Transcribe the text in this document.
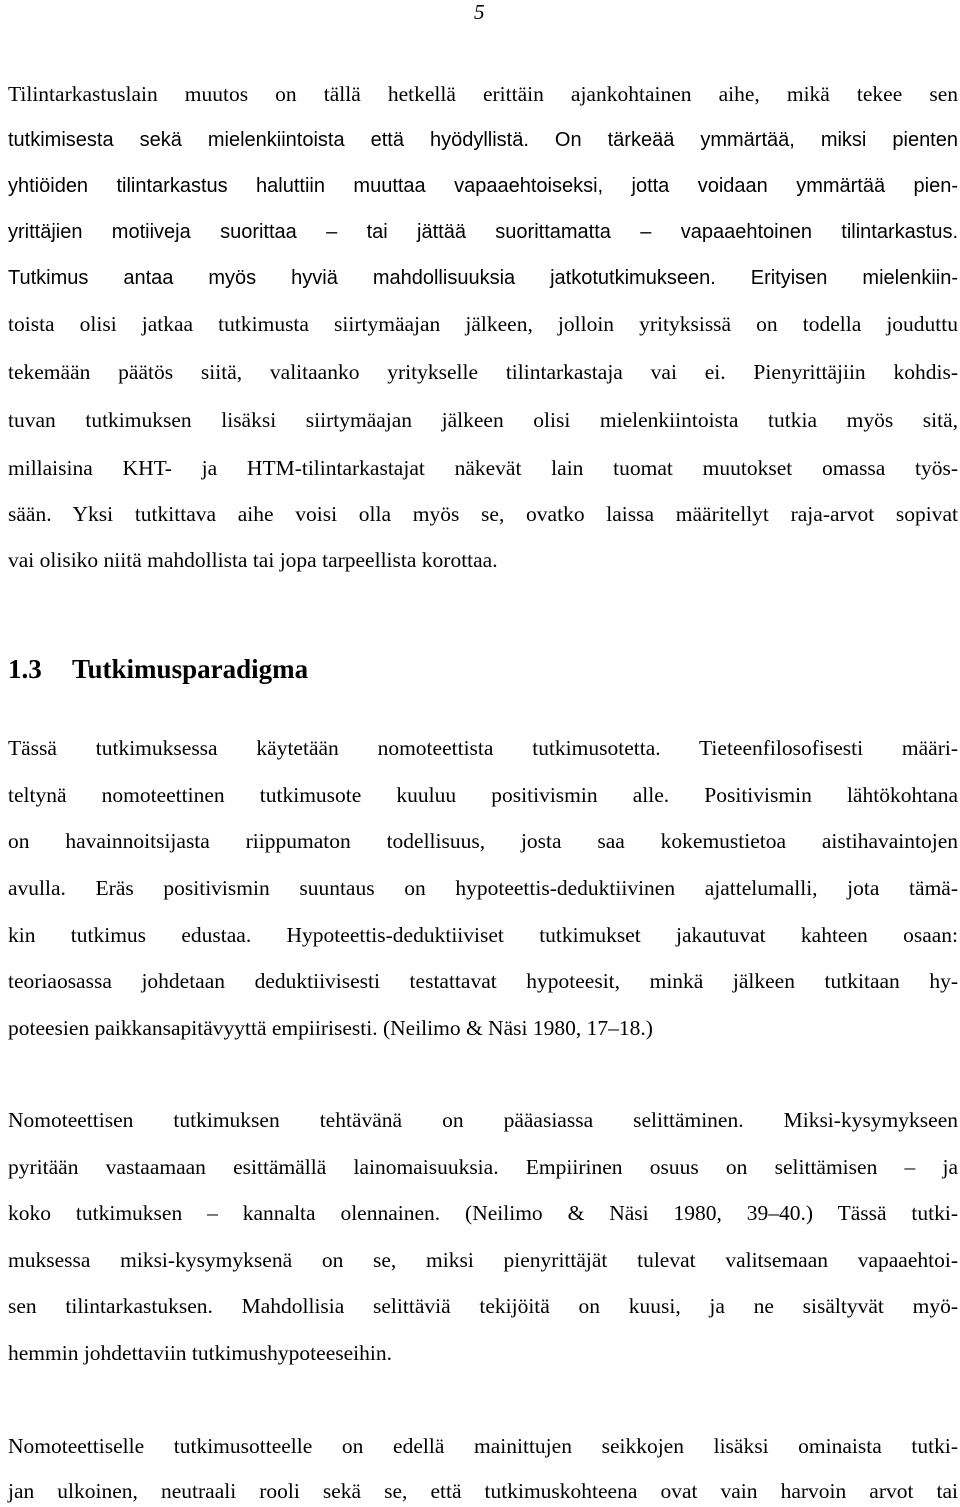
5
Tilintarkastuslain muutos on tällä hetkellä erittäin ajankohtainen aihe, mikä tekee sen
tutkimisesta sekä mielenkiintoista että hyödyllistä. On tärkeää ymmärtää, miksi pienten
yhtiöiden tilintarkastus haluttiin muuttaa vapaaehtoiseksi, jotta voidaan ymmärtää pien-
yrittäjien motiiveja suorittaa – tai jättää suorittamatta – vapaaehtoinen tilintarkastus.
Tutkimus antaa myös hyviä mahdollisuuksia jatkotutkimukseen. Erityisen mielenkiin-
toista olisi jatkaa tutkimusta siirtymäajan jälkeen, jolloin yrityksissä on todella jouduttu
tekemään päätös siitä, valitaanko yritykselle tilintarkastaja vai ei. Pienyrittäjiin kohdis-
tuvan tutkimuksen lisäksi siirtymäajan jälkeen olisi mielenkiintoista tutkia myös sitä,
millaisina KHT- ja HTM-tilintarkastajat näkevät lain tuomat muutokset omassa työs-
sään. Yksi tutkittava aihe voisi olla myös se, ovatko laissa määritellyt raja-arvot sopivat
vai olisiko niitä mahdollista tai jopa tarpeellista korottaa.
1.3 Tutkimusparadigma
Tässä tutkimuksessa käytetään nomoteettista tutkimusotetta. Tieteenfilosofisesti määri-
teltynä nomoteettinen tutkimusote kuuluu positivismin alle. Positivismin lähtökohtana
on havainnoitsijasta riippumaton todellisuus, josta saa kokemustietoa aistihavaintojen
avulla. Eräs positivismin suuntaus on hypoteettis-deduktiivinen ajattelumalli, jota tämä-
kin tutkimus edustaa. Hypoteettis-deduktiiviset tutkimukset jakautuvat kahteen osaan:
teoriaosassa johdetaan deduktiivisesti testattavat hypoteesit, minkä jälkeen tutkitaan hy-
poteesien paikkansapitävyyttä empiirisesti. (Neilimo & Näsi 1980, 17–18.)
Nomoteettisen tutkimuksen tehtävänä on pääasiassa selittäminen. Miksi-kysymykseen
pyritään vastaamaan esittämällä lainomaisuuksia. Empiirinen osuus on selittämisen – ja
koko tutkimuksen – kannalta olennainen. (Neilimo & Näsi 1980, 39–40.) Tässä tutki-
muksessa miksi-kysymyksenä on se, miksi pienyrittäjät tulevat valitsemaan vapaaehtoi-
sen tilintarkastuksen. Mahdollisia selittäviä tekijöitä on kuusi, ja ne sisältyvät myö-
hemmin johdettaviin tutkimushypoteeseihin.
Nomoteettiselle tutkimusotteelle on edellä mainittujen seikkojen lisäksi ominaista tutki-
jan ulkoinen, neutraali rooli sekä se, että tutkimuskohteena ovat vain harvoin arvot tai
